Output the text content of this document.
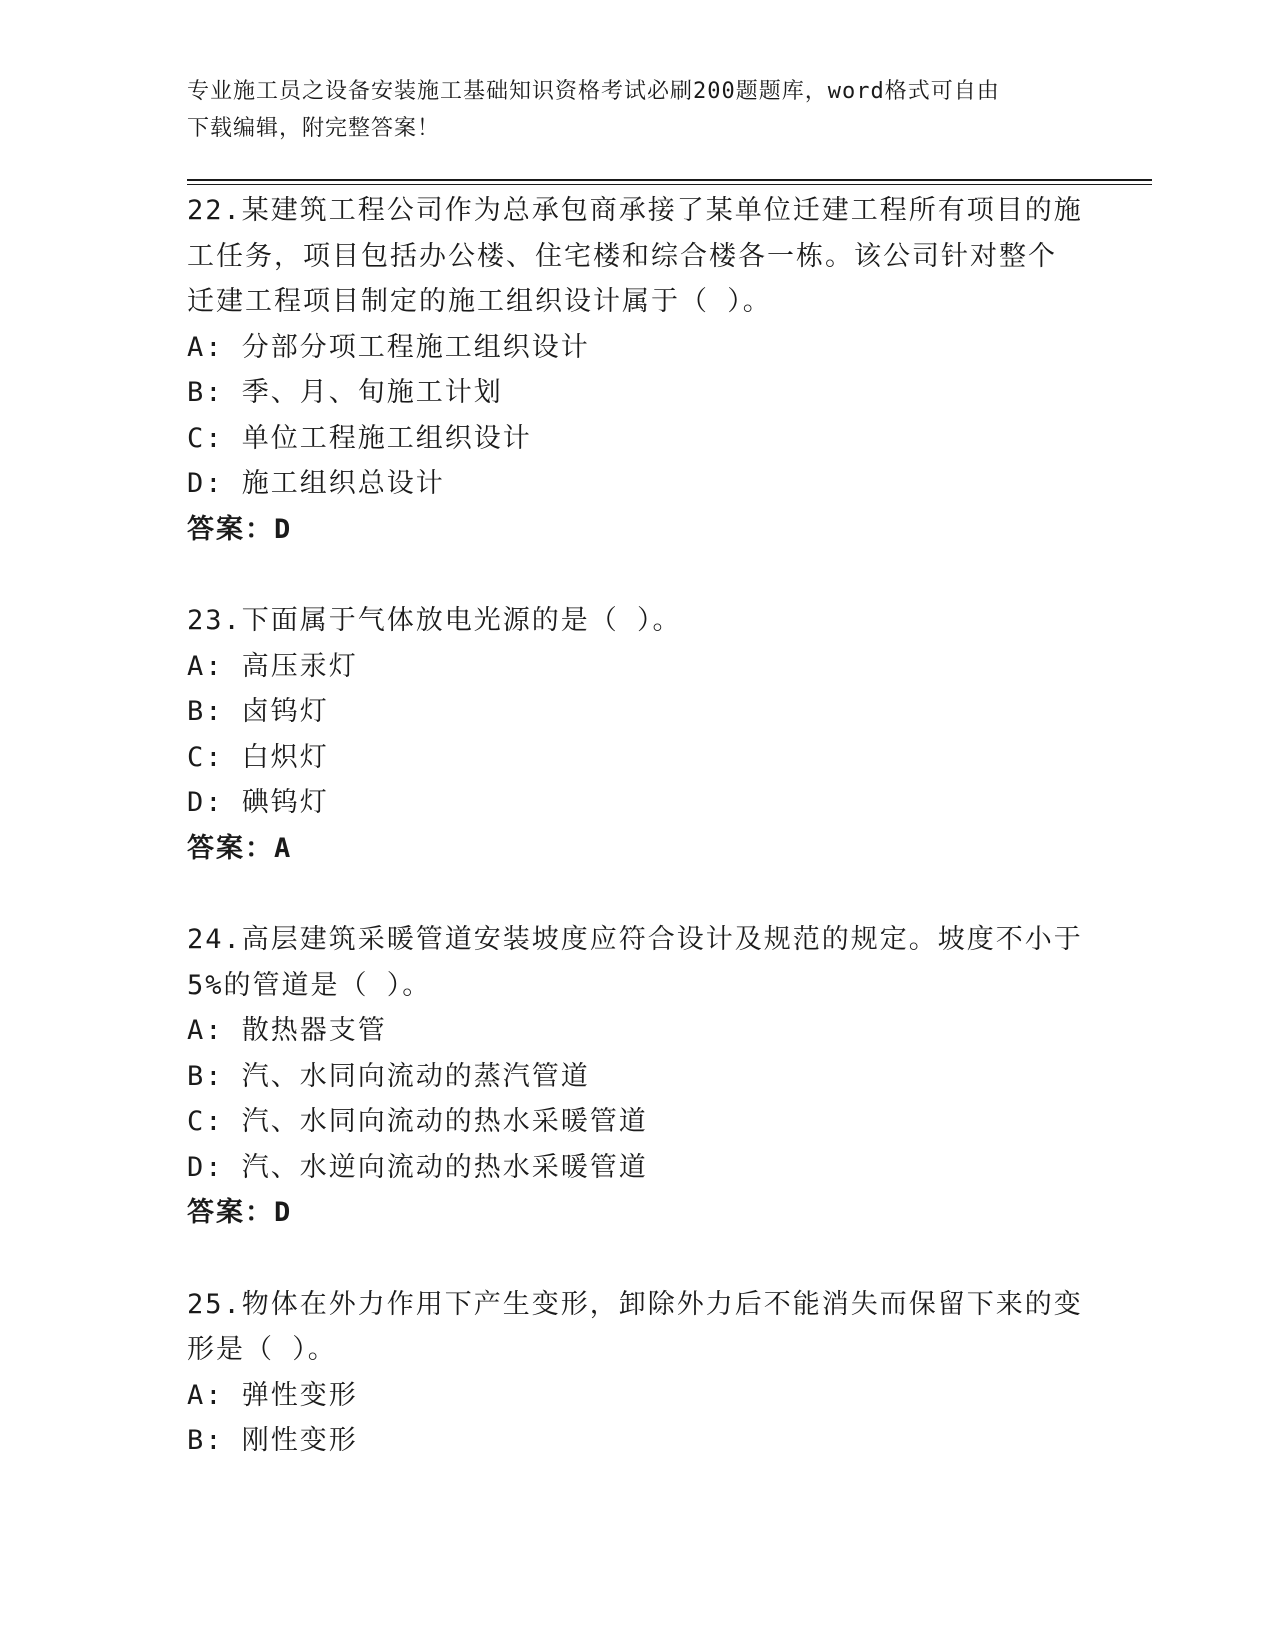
专业施工员之设备安装施工基础知识资格考试必刷200题题库，word格式可自由
下载编辑，附完整答案！

22.某建筑工程公司作为总承包商承接了某单位迁建工程所有项目的施

工任务，项目包括办公楼、住宅楼和综合楼各一栋。该公司针对整个

迁建工程项目制定的施工组织设计属于（ ）。

A: 分部分项工程施工组织设计

B: 季、月、旬施工计划

C: 单位工程施工组织设计

D: 施工组织总设计

答案：D

23.下面属于气体放电光源的是（ ）。

A: 高压汞灯

B: 卤钨灯

C: 白炽灯

D: 碘钨灯

答案：A

24.高层建筑采暖管道安装坡度应符合设计及规范的规定。坡度不小于

5%的管道是（ ）。

A: 散热器支管

B: 汽、水同向流动的蒸汽管道

C: 汽、水同向流动的热水采暖管道

D: 汽、水逆向流动的热水采暖管道

答案：D

25.物体在外力作用下产生变形，卸除外力后不能消失而保留下来的变

形是（ ）。

A: 弹性变形

B: 刚性变形
